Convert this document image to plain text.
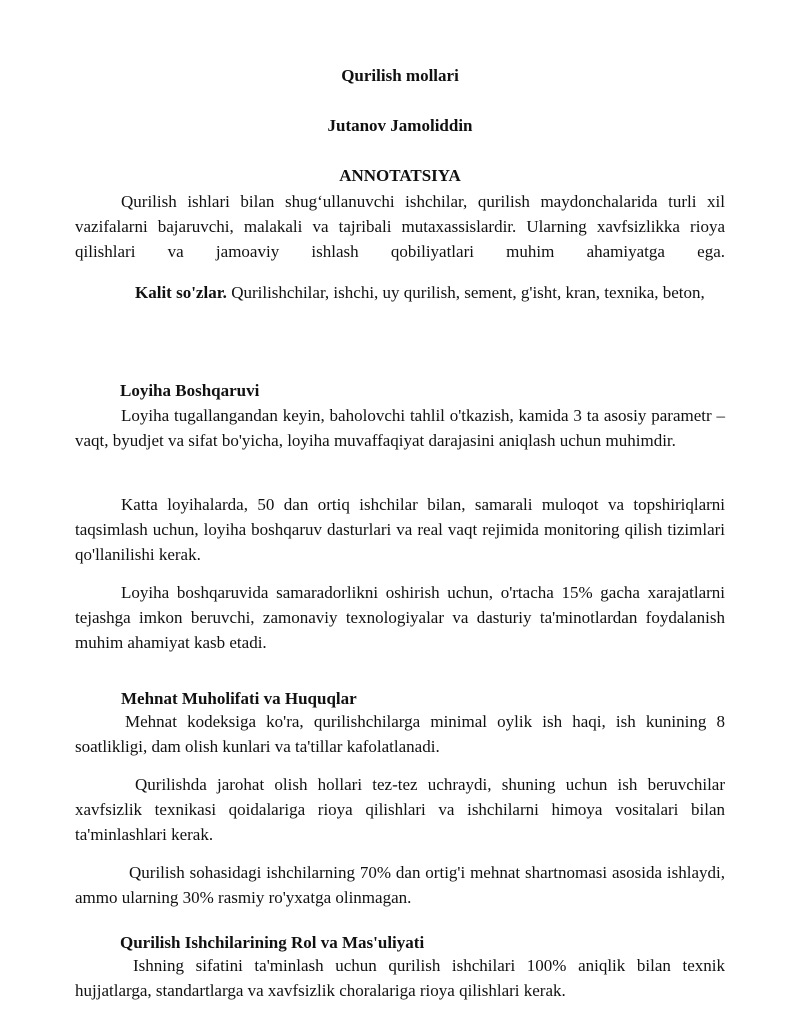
Qurilish mollari
Jutanov Jamoliddin
ANNOTATSIYA
Qurilish ishlari bilan shug‘ullanuvchi ishchilar, qurilish maydonchalarida turli xil vazifalarni bajaruvchi, malakali va tajribali mutaxassislardir. Ularning xavfsizlikka rioya qilishlari va jamoaviy ishlash qobiliyatlari muhim ahamiyatga ega.
Kalit so'zlar. Qurilishchilar, ishchi, uy qurilish, sement, g'isht, kran, texnika, beton,
Loyiha Boshqaruvi
Loyiha tugallangandan keyin, baholovchi tahlil o'tkazish, kamida 3 ta asosiy parametr – vaqt, byudjet va sifat bo'yicha, loyiha muvaffaqiyat darajasini aniqlash uchun muhimdir.
Katta loyihalarda, 50 dan ortiq ishchilar bilan, samarali muloqot va topshiriqlarni taqsimlash uchun, loyiha boshqaruv dasturlari va real vaqt rejimida monitoring qilish tizimlari qo'llanilishi kerak.
Loyiha boshqaruvida samaradorlikni oshirish uchun, o'rtacha 15% gacha xarajatlarni tejashga imkon beruvchi, zamonaviy texnologiyalar va dasturiy ta'minotlardan foydalanish muhim ahamiyat kasb etadi.
Mehnat Muholifati va Huquqlar
Mehnat kodeksiga ko'ra, qurilishchilarga minimal oylik ish haqi, ish kunining 8 soatlikligi, dam olish kunlari va ta'tillar kafolatlanadi.
Qurilishda jarohat olish hollari tez-tez uchraydi, shuning uchun ish beruvchilar xavfsizlik texnikasi qoidalariga rioya qilishlari va ishchilarni himoya vositalari bilan ta'minlashlari kerak.
Qurilish sohasidagi ishchilarning 70% dan ortig'i mehnat shartnomasi asosida ishlaydi, ammo ularning 30% rasmiy ro'yxatga olinmagan.
Qurilish Ishchilarining Rol va Mas'uliyati
Ishning sifatini ta'minlash uchun qurilish ishchilari 100% aniqlik bilan texnik hujjatlarga, standartlarga va xavfsizlik choralariga rioya qilishlari kerak.
